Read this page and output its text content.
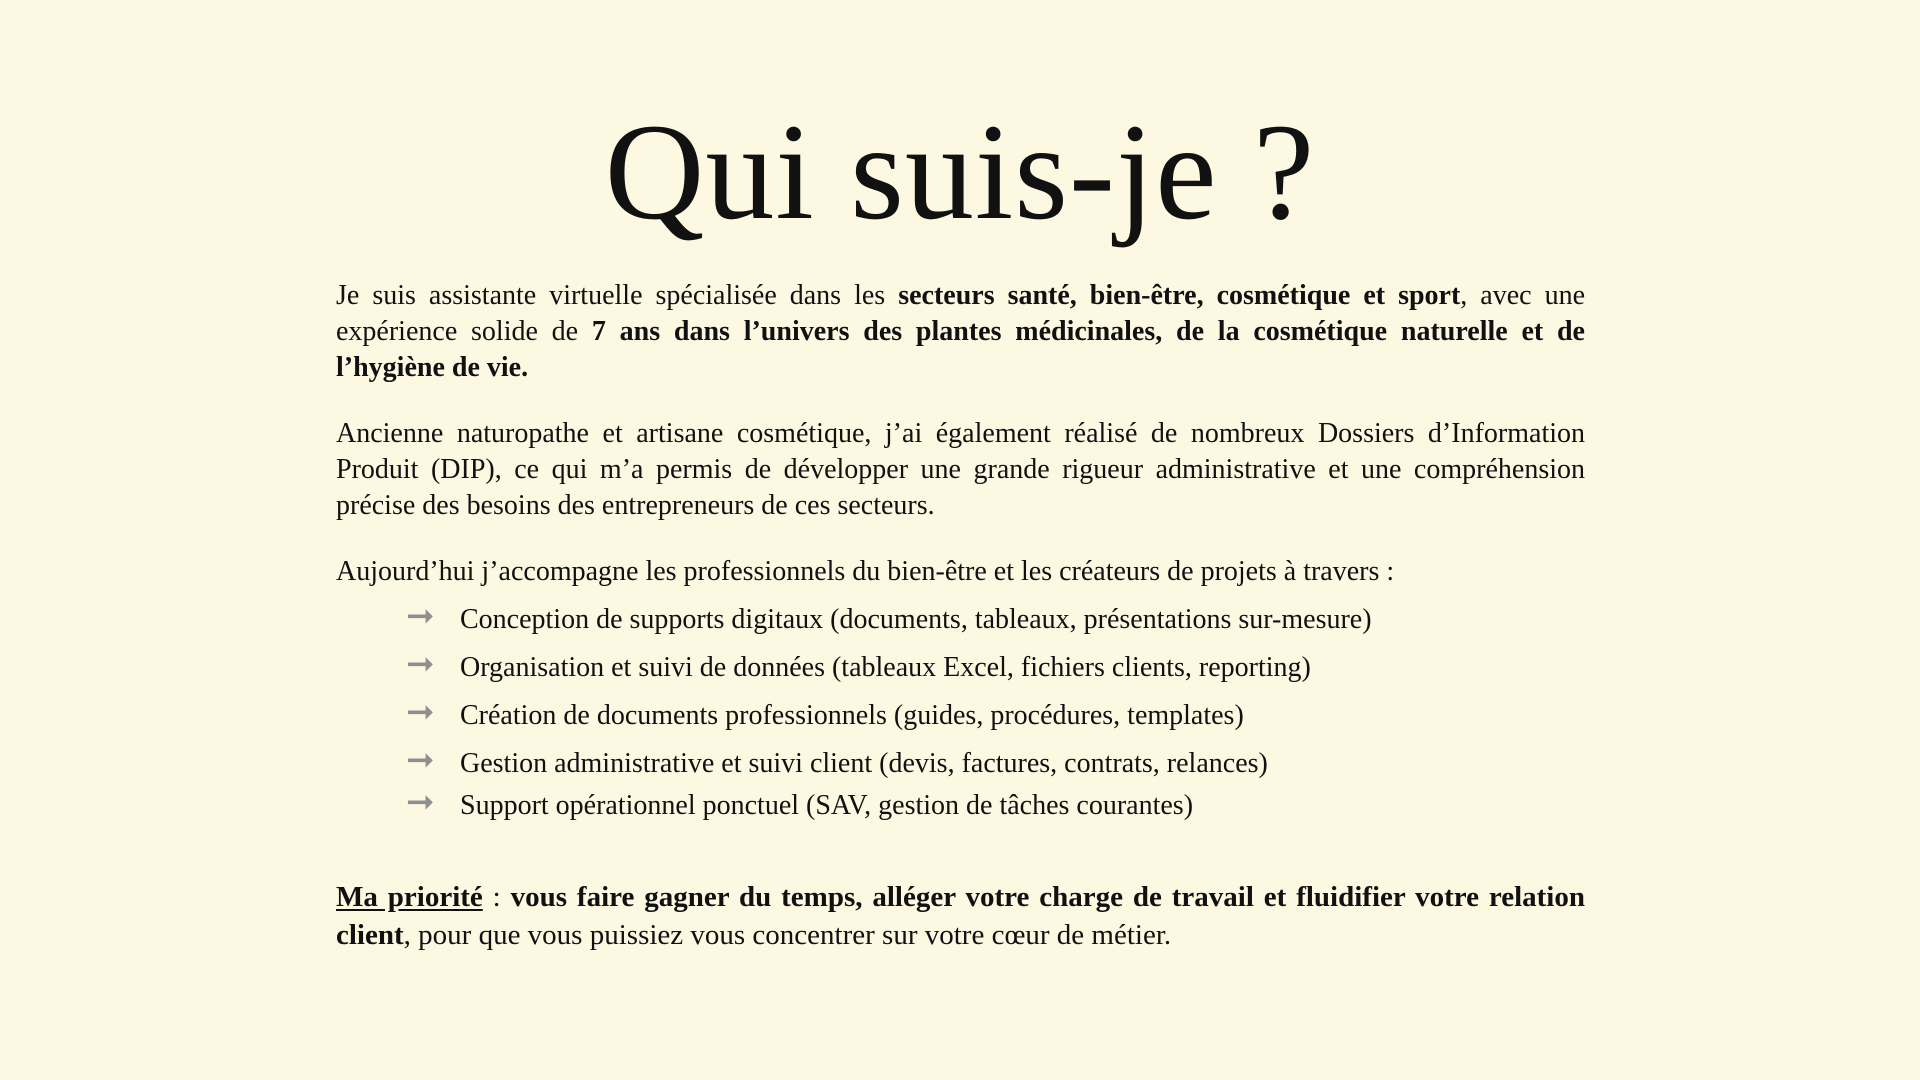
Qui suis-je ?

Je suis assistante virtuelle spécialisée dans les secteurs santé, bien-être, cosmétique et sport, avec une expérience solide de 7 ans dans l’univers des plantes médicinales, de la cosmétique naturelle et de l’hygiène de vie.

Ancienne naturopathe et artisane cosmétique, j’ai également réalisé de nombreux Dossiers d’Information Produit (DIP), ce qui m’a permis de développer une grande rigueur administrative et une compréhension précise des besoins des entrepreneurs de ces secteurs.

Aujourd’hui j’accompagne les professionnels du bien-être et les créateurs de projets à travers :

➞ Conception de supports digitaux (documents, tableaux, présentations sur-mesure)
➞ Organisation et suivi de données (tableaux Excel, fichiers clients, reporting)
➞ Création de documents professionnels (guides, procédures, templates)
➞ Gestion administrative et suivi client (devis, factures, contrats, relances)
➞ Support opérationnel ponctuel (SAV, gestion de tâches courantes)

Ma priorité : vous faire gagner du temps, alléger votre charge de travail et fluidifier votre relation client, pour que vous puissiez vous concentrer sur votre cœur de métier.
